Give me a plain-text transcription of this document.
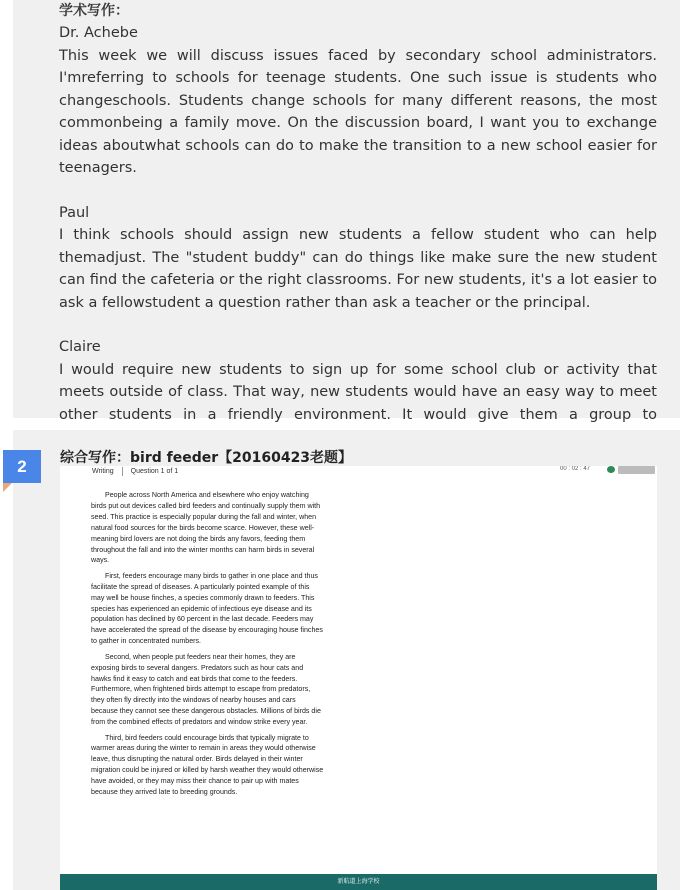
学术写作：

Dr. Achebe

This week we will discuss issues faced by secondary school administrators. I'mreferring to schools for teenage students. One such issue is students who changeschools. Students change schools for many different reasons, the most commonbeing a family move. On the discussion board, I want you to exchange ideas aboutwhat schools can do to make the transition to a new school easier for teenagers.

Paul

I think schools should assign new students a fellow student who can help themadjust. The "student buddy" can do things like make sure the new student can find the cafeteria or the right classrooms. For new students, it's a lot easier to ask a fellowstudent a question rather than ask a teacher or the principal.

Claire

I would require new students to sign up for some school club or activity that meets outside of class. That way, new students would have an easy way to meet other students in a friendly environment. It would give them a group to

2	综合写作：bird feeder【20160423老题】
Writing Question 1 of 1	00 : 02 : 47

People across North America and elsewhere who enjoy watching birds put out devices called bird feeders and continually supply them with seed. This practice is especially popular during the fall and winter, when natural food sources for the birds become scarce. However, these well-meaning bird lovers are not doing the birds any favors, feeding them throughout the fall and into the winter months can harm birds in several ways.

First, feeders encourage many birds to gather in one place and thus facilitate the spread of diseases. A particularly pointed example of this may well be house finches, a species commonly drawn to feeders. This species has experienced an epidemic of infectious eye disease and its population has declined by 60 percent in the last decade. Feeders may have accelerated the spread of the disease by encouraging house finches to gather in concentrated numbers.

Second, when people put feeders near their homes, they are exposing birds to several dangers. Predators such as hour cats and hawks find it easy to catch and eat birds that come to the feeders. Furthermore, when frightened birds attempt to escape from predators, they often fly directly into the windows of nearby houses and cars because they cannot see these dangerous obstacles. Millions of birds die from the combined effects of predators and window strike every year.

Third, bird feeders could encourage birds that typically migrate to warmer areas during the winter to remain in areas they would otherwise leave, thus disrupting the natural order. Birds delayed in their winter migration could be injured or killed by harsh weather they would otherwise have avoided, or they may miss their chance to pair up with mates because they arrived late to breeding grounds.

新航道上海学校
